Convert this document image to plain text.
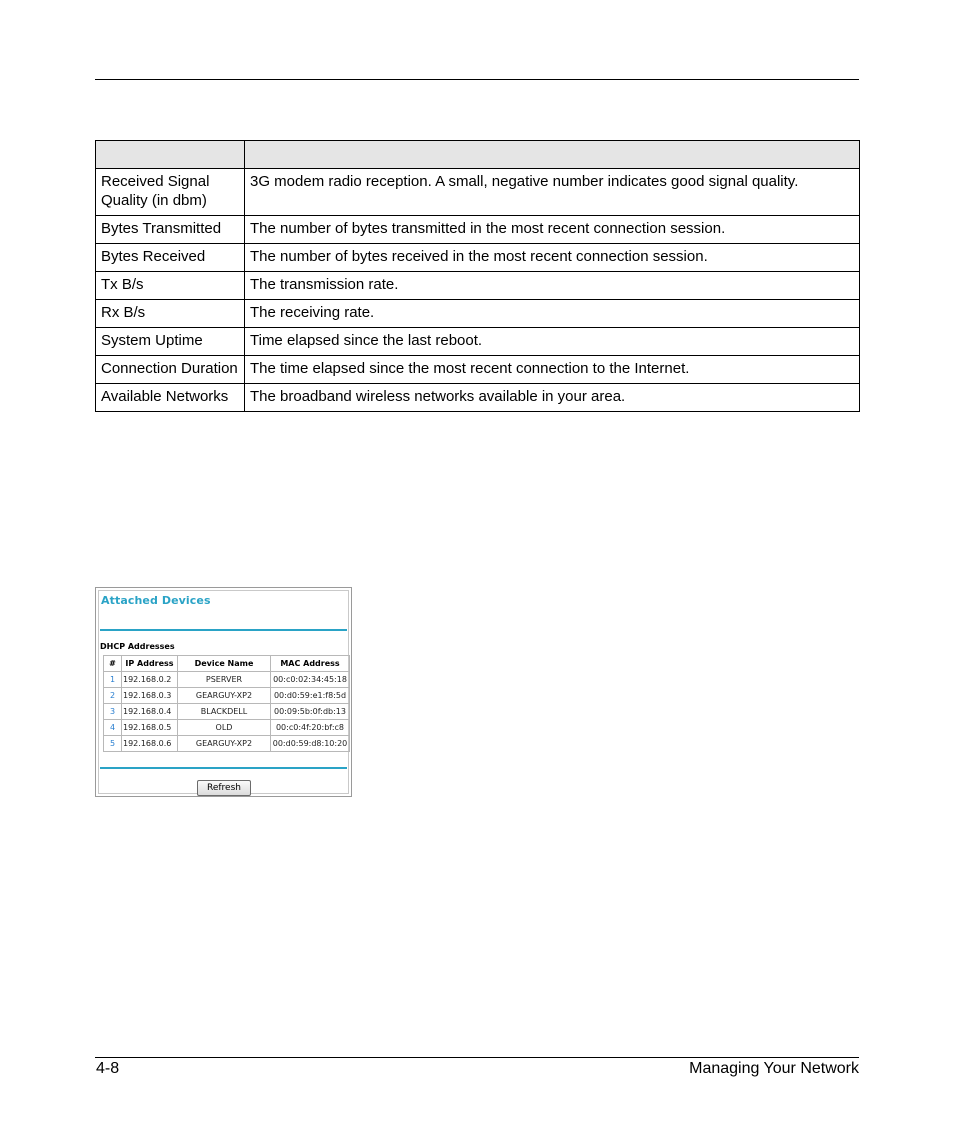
Received Signal Quality (in dbm)	3G modem radio reception. A small, negative number indicates good signal quality.
Bytes Transmitted	The number of bytes transmitted in the most recent connection session.
Bytes Received	The number of bytes received in the most recent connection session.
Tx B/s	The transmission rate.
Rx B/s	The receiving rate.
System Uptime	Time elapsed since the last reboot.
Connection Duration	The time elapsed since the most recent connection to the Internet.
Available Networks	The broadband wireless networks available in your area.
Attached Devices
DHCP Addresses
#	IP Address	Device Name	MAC Address
1	192.168.0.2	PSERVER	00:c0:02:34:45:18
2	192.168.0.3	GEARGUY-XP2	00:d0:59:e1:f8:5d
3	192.168.0.4	BLACKDELL	00:09:5b:0f:db:13
4	192.168.0.5	OLD	00:c0:4f:20:bf:c8
5	192.168.0.6	GEARGUY-XP2	00:d0:59:d8:10:20
Refresh
4-8	Managing Your Network
